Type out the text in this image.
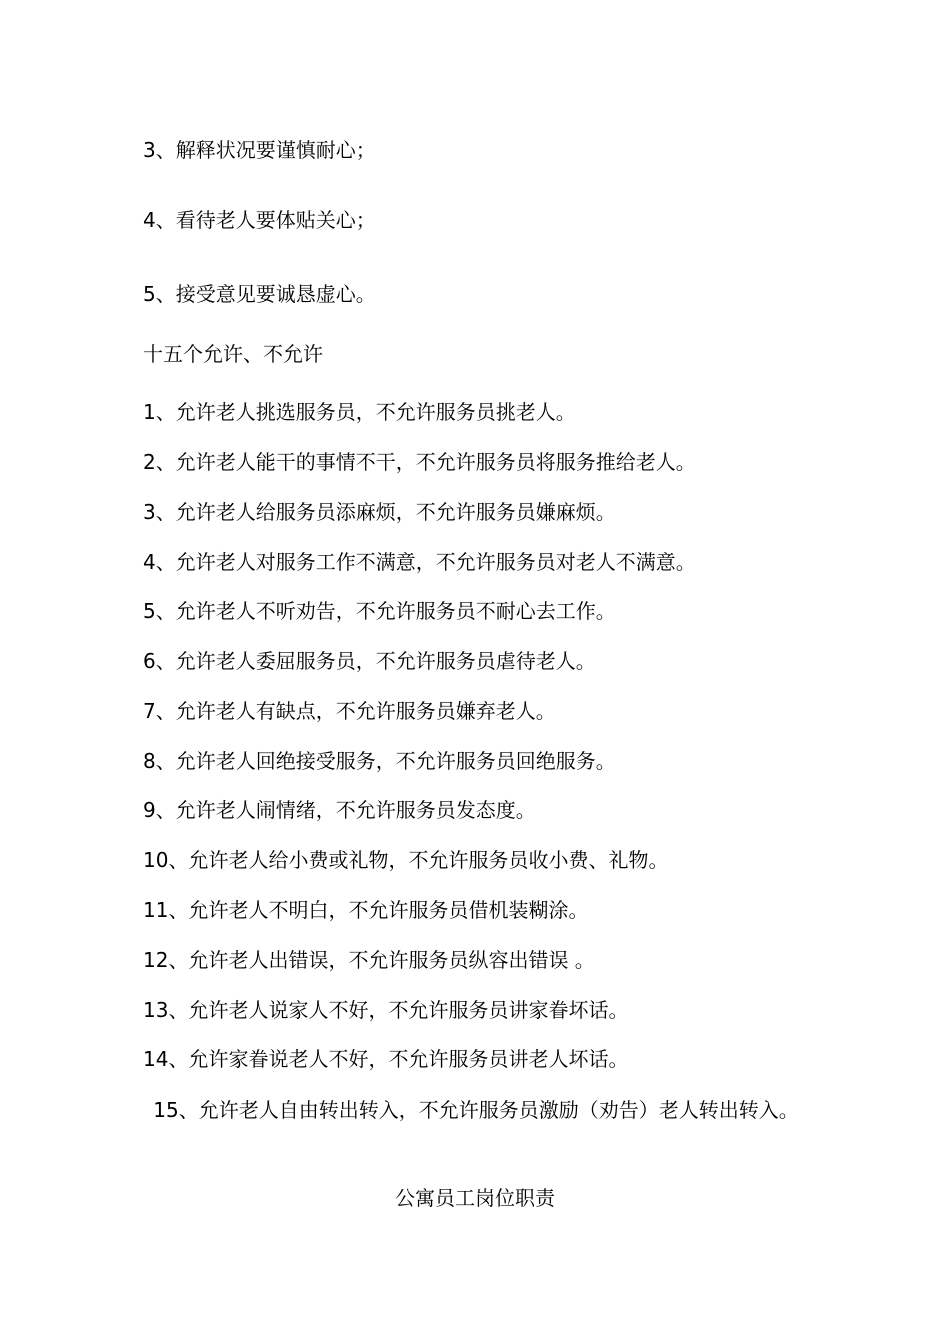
3、解释状况要谨慎耐心；
4、看待老人要体贴关心；
5、接受意见要诚恳虚心。
十五个允许、不允许
1、允许老人挑选服务员，不允许服务员挑老人。
2、允许老人能干的事情不干，不允许服务员将服务推给老人。
3、允许老人给服务员添麻烦，不允许服务员嫌麻烦。
4、允许老人对服务工作不满意，不允许服务员对老人不满意。
5、允许老人不听劝告，不允许服务员不耐心去工作。
6、允许老人委屈服务员，不允许服务员虐待老人。
7、允许老人有缺点，不允许服务员嫌弃老人。
8、允许老人回绝接受服务，不允许服务员回绝服务。
9、允许老人闹情绪，不允许服务员发态度。
10、允许老人给小费或礼物，不允许服务员收小费、礼物。
11、允许老人不明白，不允许服务员借机装糊涂。
12、允许老人出错误，不允许服务员纵容出错误 。
13、允许老人说家人不好，不允许服务员讲家眷坏话。
14、允许家眷说老人不好，不允许服务员讲老人坏话。
15、允许老人自由转出转入，不允许服务员激励（劝告）老人转出转入。
公寓员工岗位职责
